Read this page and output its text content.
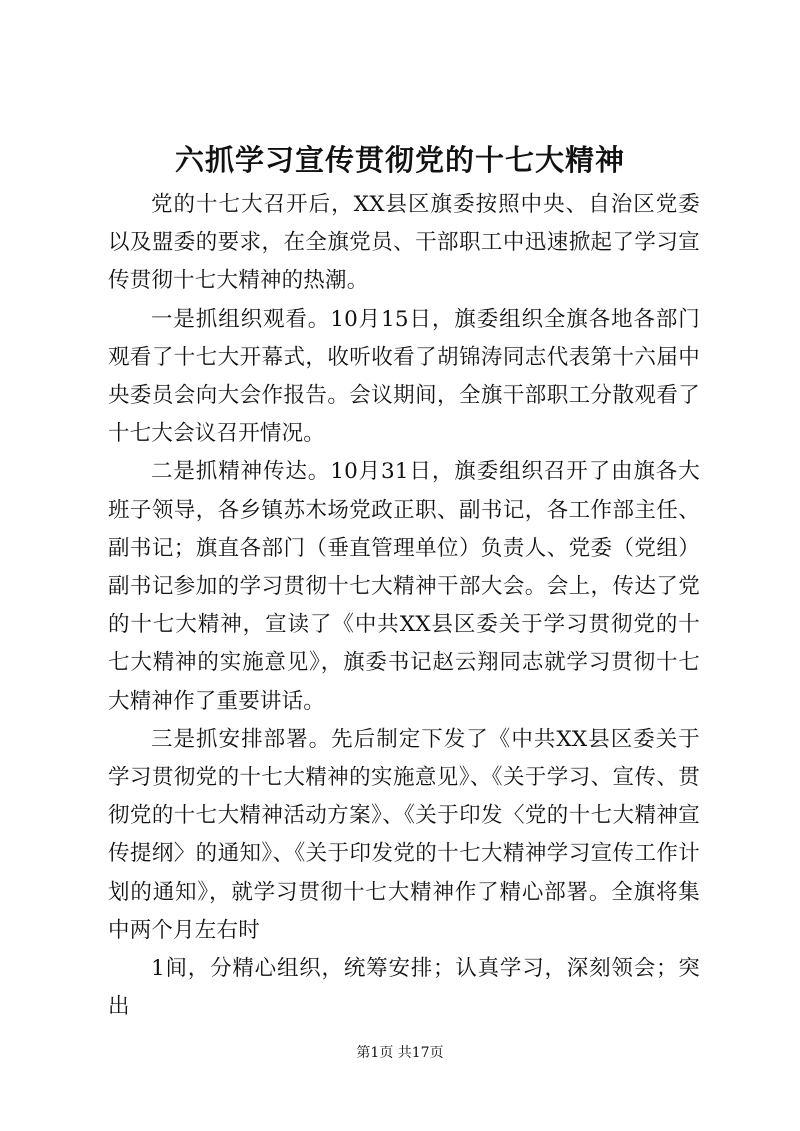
六抓学习宣传贯彻党的十七大精神

党的十七大召开后，XX县区旗委按照中央、自治区党委以及盟委的要求，在全旗党员、干部职工中迅速掀起了学习宣传贯彻十七大精神的热潮。

一是抓组织观看。10月15日，旗委组织全旗各地各部门观看了十七大开幕式，收听收看了胡锦涛同志代表第十六届中央委员会向大会作报告。会议期间，全旗干部职工分散观看了十七大会议召开情况。

二是抓精神传达。10月31日，旗委组织召开了由旗各大班子领导，各乡镇苏木场党政正职、副书记，各工作部主任、副书记；旗直各部门（垂直管理单位）负责人、党委（党组）副书记参加的学习贯彻十七大精神干部大会。会上，传达了党的十七大精神，宣读了《中共XX县区委关于学习贯彻党的十七大精神的实施意见》，旗委书记赵云翔同志就学习贯彻十七大精神作了重要讲话。

三是抓安排部署。先后制定下发了《中共XX县区委关于学习贯彻党的十七大精神的实施意见》、《关于学习、宣传、贯彻党的十七大精神活动方案》、《关于印发〈党的十七大精神宣传提纲〉的通知》、《关于印发党的十七大精神学习宣传工作计划的通知》，就学习贯彻十七大精神作了精心部署。全旗将集中两个月左右时

1间，分精心组织，统筹安排；认真学习，深刻领会；突出

第1页 共17页
